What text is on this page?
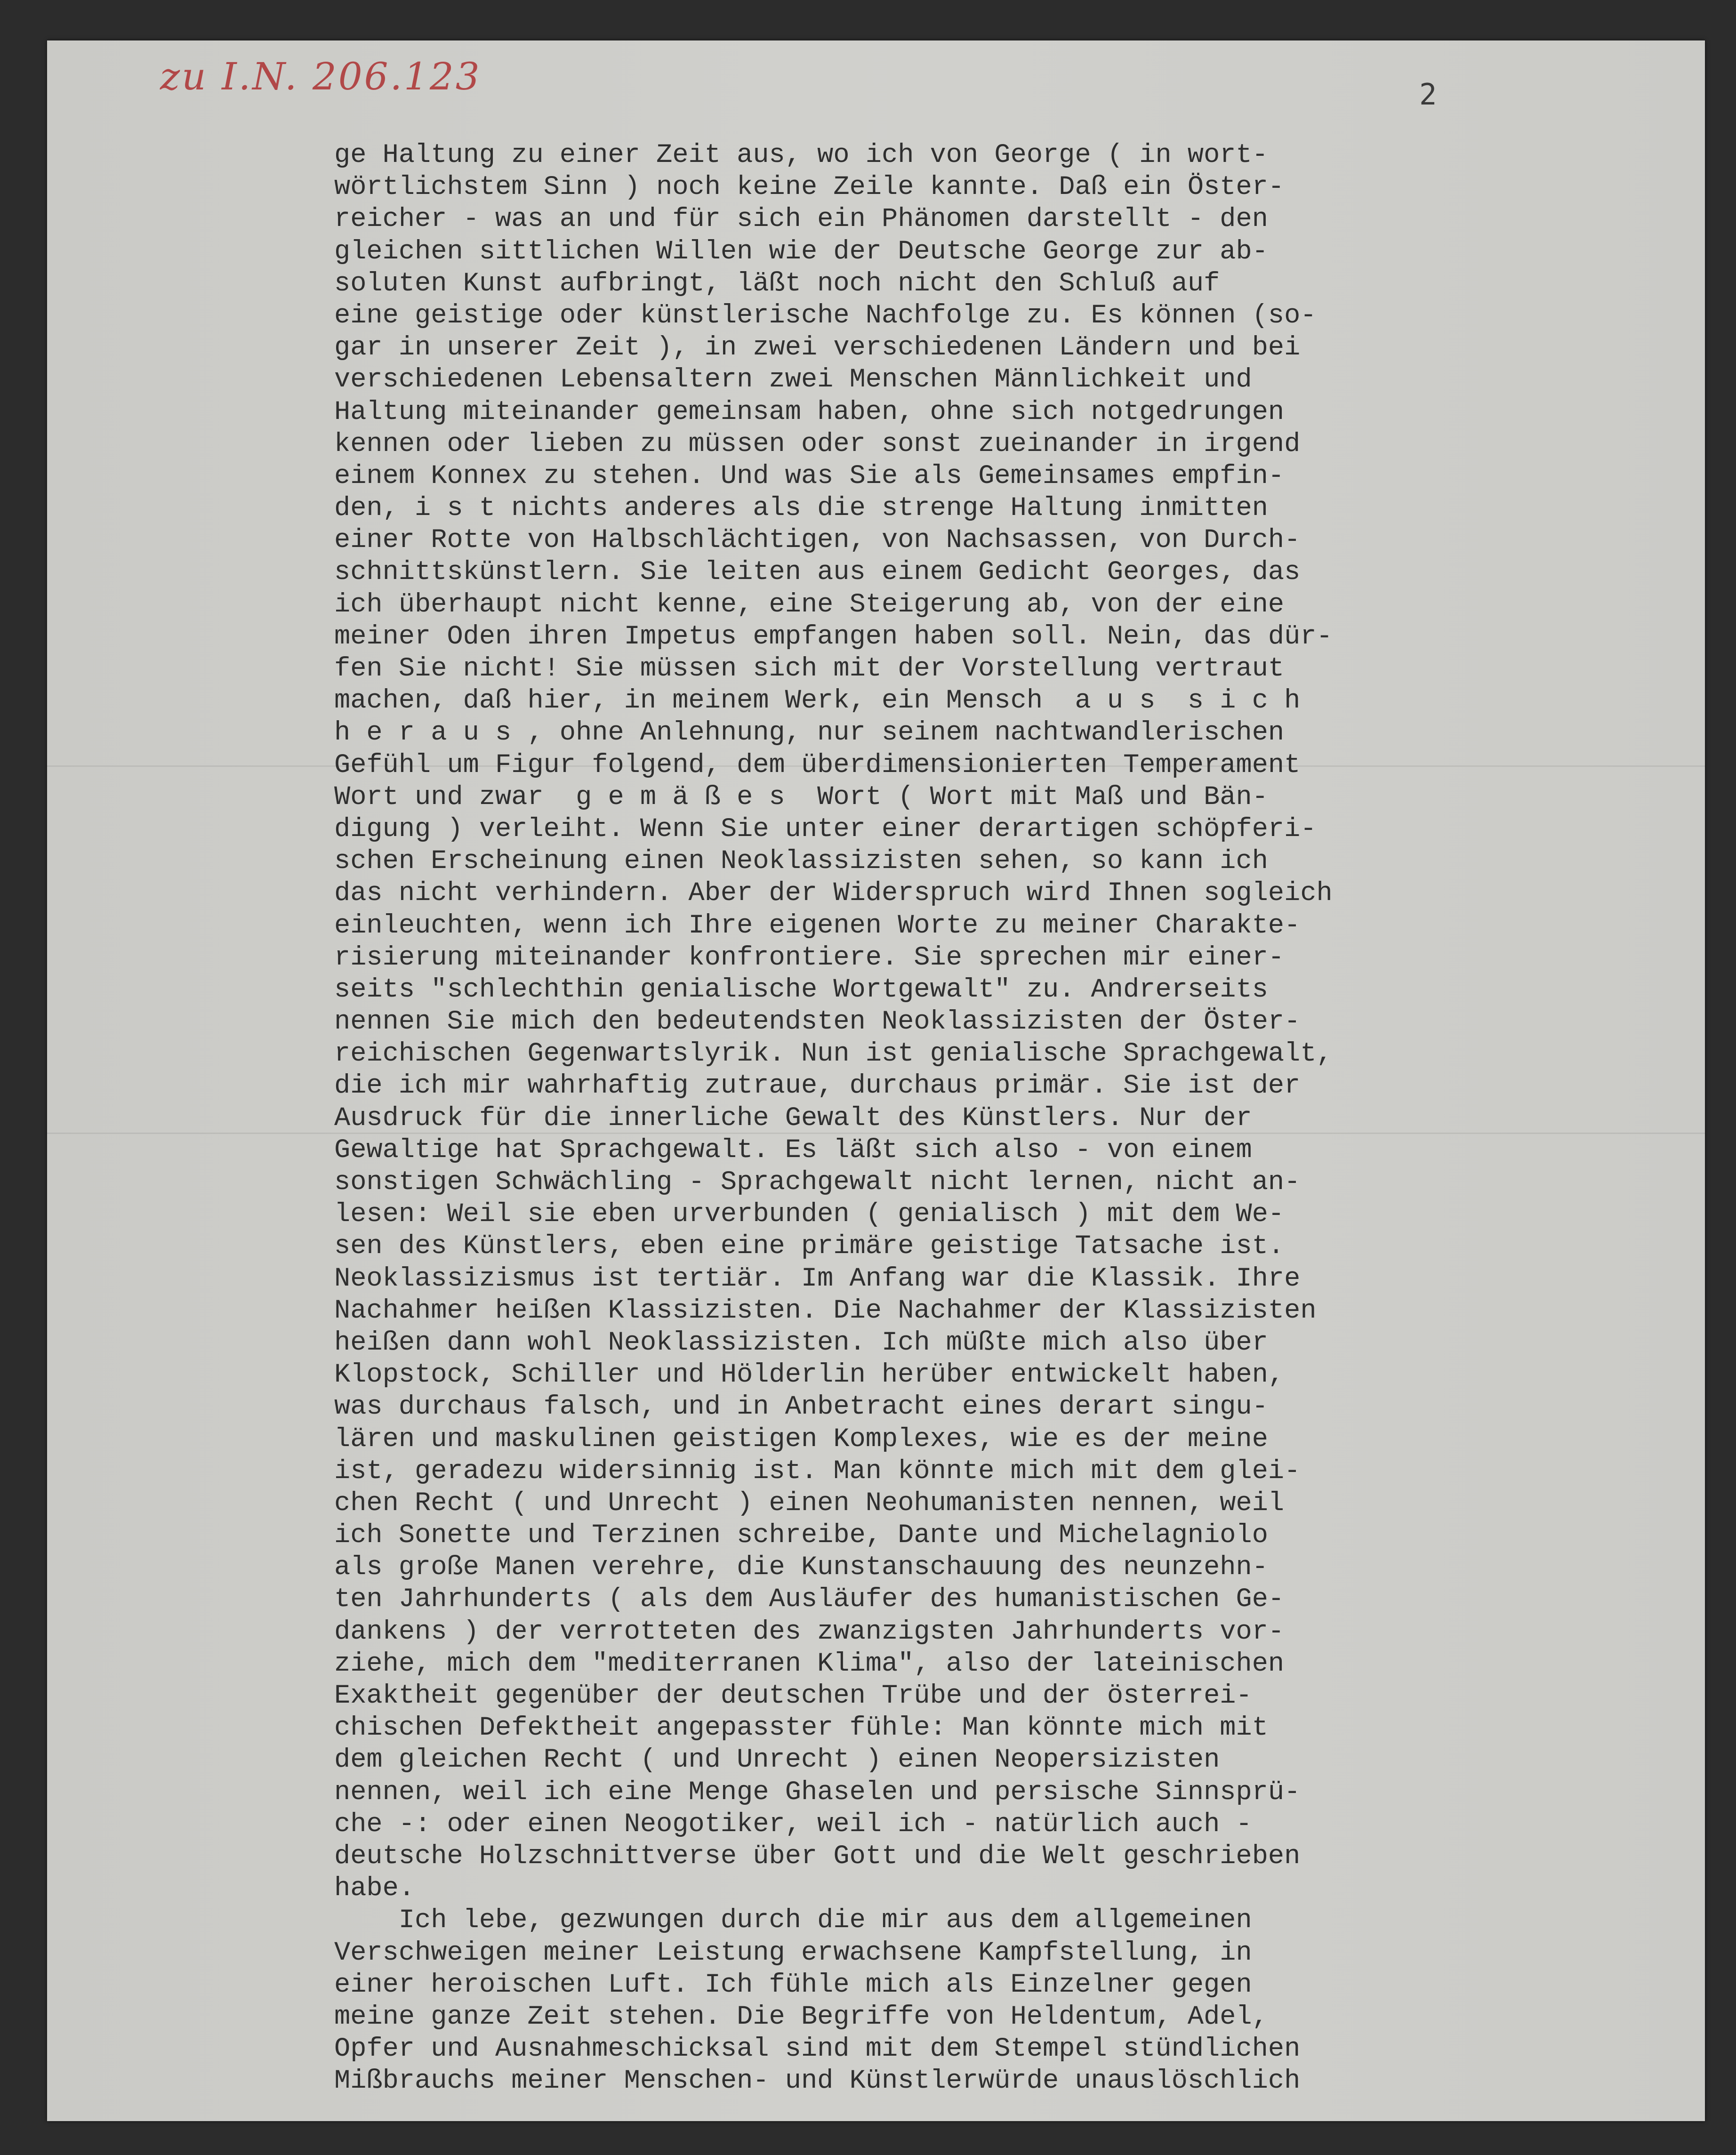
zu I.N. 206.123	2
ge Haltung zu einer Zeit aus, wo ich von George ( in wort-
wörtlichstem Sinn ) noch keine Zeile kannte. Daß ein Öster-
reicher - was an und für sich ein Phänomen darstellt - den
gleichen sittlichen Willen wie der Deutsche George zur ab-
soluten Kunst aufbringt, läßt noch nicht den Schluß auf
eine geistige oder künstlerische Nachfolge zu. Es können (so-
gar in unserer Zeit ), in zwei verschiedenen Ländern und bei
verschiedenen Lebensaltern zwei Menschen Männlichkeit und
Haltung miteinander gemeinsam haben, ohne sich notgedrungen
kennen oder lieben zu müssen oder sonst zueinander in irgend
einem Konnex zu stehen. Und was Sie als Gemeinsames empfin-
den, i s t nichts anderes als die strenge Haltung inmitten
einer Rotte von Halbschlächtigen, von Nachsassen, von Durch-
schnittskünstlern. Sie leiten aus einem Gedicht Georges, das
ich überhaupt nicht kenne, eine Steigerung ab, von der eine
meiner Oden ihren Impetus empfangen haben soll. Nein, das dür-
fen Sie nicht! Sie müssen sich mit der Vorstellung vertraut
machen, daß hier, in meinem Werk, ein Mensch  a u s  s i c h
h e r a u s , ohne Anlehnung, nur seinem nachtwandlerischen
Gefühl um Figur folgend, dem überdimensionierten Temperament
Wort und zwar  g e m ä ß e s  Wort ( Wort mit Maß und Bän-
digung ) verleiht. Wenn Sie unter einer derartigen schöpferi-
schen Erscheinung einen Neoklassizisten sehen, so kann ich
das nicht verhindern. Aber der Widerspruch wird Ihnen sogleich
einleuchten, wenn ich Ihre eigenen Worte zu meiner Charakte-
risierung miteinander konfrontiere. Sie sprechen mir einer-
seits "schlechthin genialische Wortgewalt" zu. Andrerseits
nennen Sie mich den bedeutendsten Neoklassizisten der Öster-
reichischen Gegenwartslyrik. Nun ist genialische Sprachgewalt,
die ich mir wahrhaftig zutraue, durchaus primär. Sie ist der
Ausdruck für die innerliche Gewalt des Künstlers. Nur der
Gewaltige hat Sprachgewalt. Es läßt sich also - von einem
sonstigen Schwächling - Sprachgewalt nicht lernen, nicht an-
lesen: Weil sie eben urverbunden ( genialisch ) mit dem We-
sen des Künstlers, eben eine primäre geistige Tatsache ist.
Neoklassizismus ist tertiär. Im Anfang war die Klassik. Ihre
Nachahmer heißen Klassizisten. Die Nachahmer der Klassizisten
heißen dann wohl Neoklassizisten. Ich müßte mich also über
Klopstock, Schiller und Hölderlin herüber entwickelt haben,
was durchaus falsch, und in Anbetracht eines derart singu-
lären und maskulinen geistigen Komplexes, wie es der meine
ist, geradezu widersinnig ist. Man könnte mich mit dem glei-
chen Recht ( und Unrecht ) einen Neohumanisten nennen, weil
ich Sonette und Terzinen schreibe, Dante und Michelagniolo
als große Manen verehre, die Kunstanschauung des neunzehn-
ten Jahrhunderts ( als dem Ausläufer des humanistischen Ge-
dankens ) der verrotteten des zwanzigsten Jahrhunderts vor-
ziehe, mich dem "mediterranen Klima", also der lateinischen
Exaktheit gegenüber der deutschen Trübe und der österrei-
chischen Defektheit angepasster fühle: Man könnte mich mit
dem gleichen Recht ( und Unrecht ) einen Neopersizisten
nennen, weil ich eine Menge Ghaselen und persische Sinnsprü-
che -: oder einen Neogotiker, weil ich - natürlich auch -
deutsche Holzschnittverse über Gott und die Welt geschrieben
habe.
Ich lebe, gezwungen durch die mir aus dem allgemeinen
Verschweigen meiner Leistung erwachsene Kampfstellung, in
einer heroischen Luft. Ich fühle mich als Einzelner gegen
meine ganze Zeit stehen. Die Begriffe von Heldentum, Adel,
Opfer und Ausnahmeschicksal sind mit dem Stempel stündlichen
Mißbrauchs meiner Menschen- und Künstlerwürde unauslöschlich
